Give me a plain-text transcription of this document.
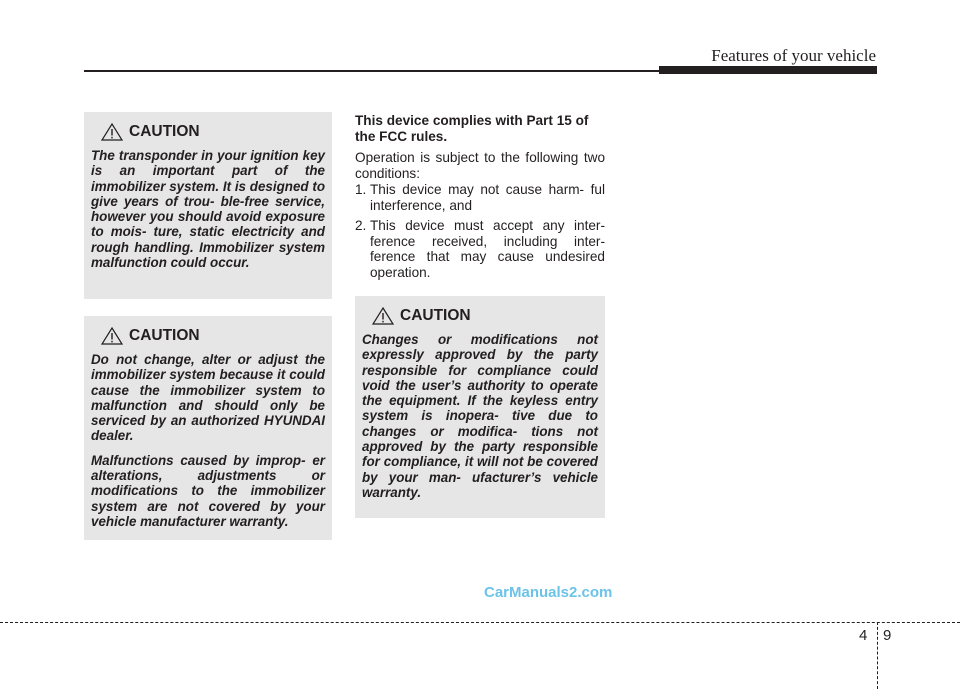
Features of your vehicle
CAUTION

The transponder in your ignition key is an important part of the immobilizer system. It is designed to give years of trou- ble-free service, however you should avoid exposure to mois- ture, static electricity and rough handling. Immobilizer system malfunction could occur.

CAUTION

Do not change, alter or adjust the immobilizer system because it could cause the immobilizer system to malfunction and should only be serviced by an authorized HYUNDAI dealer.

Malfunctions caused by improp- er alterations, adjustments or modifications to the immobilizer system are not covered by your vehicle manufacturer warranty.

This device complies with Part 15 of the FCC rules.
Operation is subject to the following two conditions:
1. This device may not cause harm- ful interference, and
2. This device must accept any inter- ference received, including inter- ference that may cause undesired operation.
CAUTION

Changes or modifications not expressly approved by the party responsible for compliance could void the user’s authority to operate the equipment. If the keyless entry system is inopera- tive due to changes or modifica- tions not approved by the party responsible for compliance, it will not be covered by your man- ufacturer’s vehicle warranty.

CarManuals2.com
4 9
